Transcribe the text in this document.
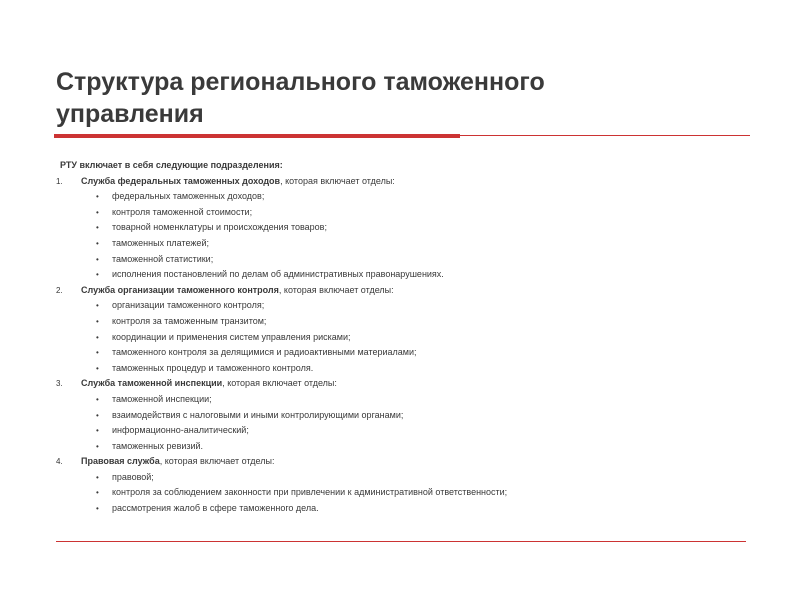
Структура регионального таможенного управления
РТУ включает в себя следующие подразделения:
1.	Служба федеральных таможенных доходов, которая включает отделы:
• федеральных таможенных доходов;
• контроля таможенной стоимости;
• товарной номенклатуры и происхождения товаров;
• таможенных платежей;
• таможенной статистики;
• исполнения постановлений по делам об административных правонарушениях.
2.	Служба организации таможенного контроля, которая включает отделы:
• организации таможенного контроля;
• контроля за таможенным транзитом;
• координации и применения систем управления рисками;
• таможенного контроля за делящимися и радиоактивными материалами;
• таможенных процедур и таможенного контроля.
3.	Служба таможенной инспекции, которая включает отделы:
• таможенной инспекции;
• взаимодействия с налоговыми и иными контролирующими органами;
• информационно-аналитический;
• таможенных ревизий.
4.	Правовая служба, которая включает отделы:
• правовой;
• контроля за соблюдением законности при привлечении к административной ответственности;
• рассмотрения жалоб в сфере таможенного дела.
